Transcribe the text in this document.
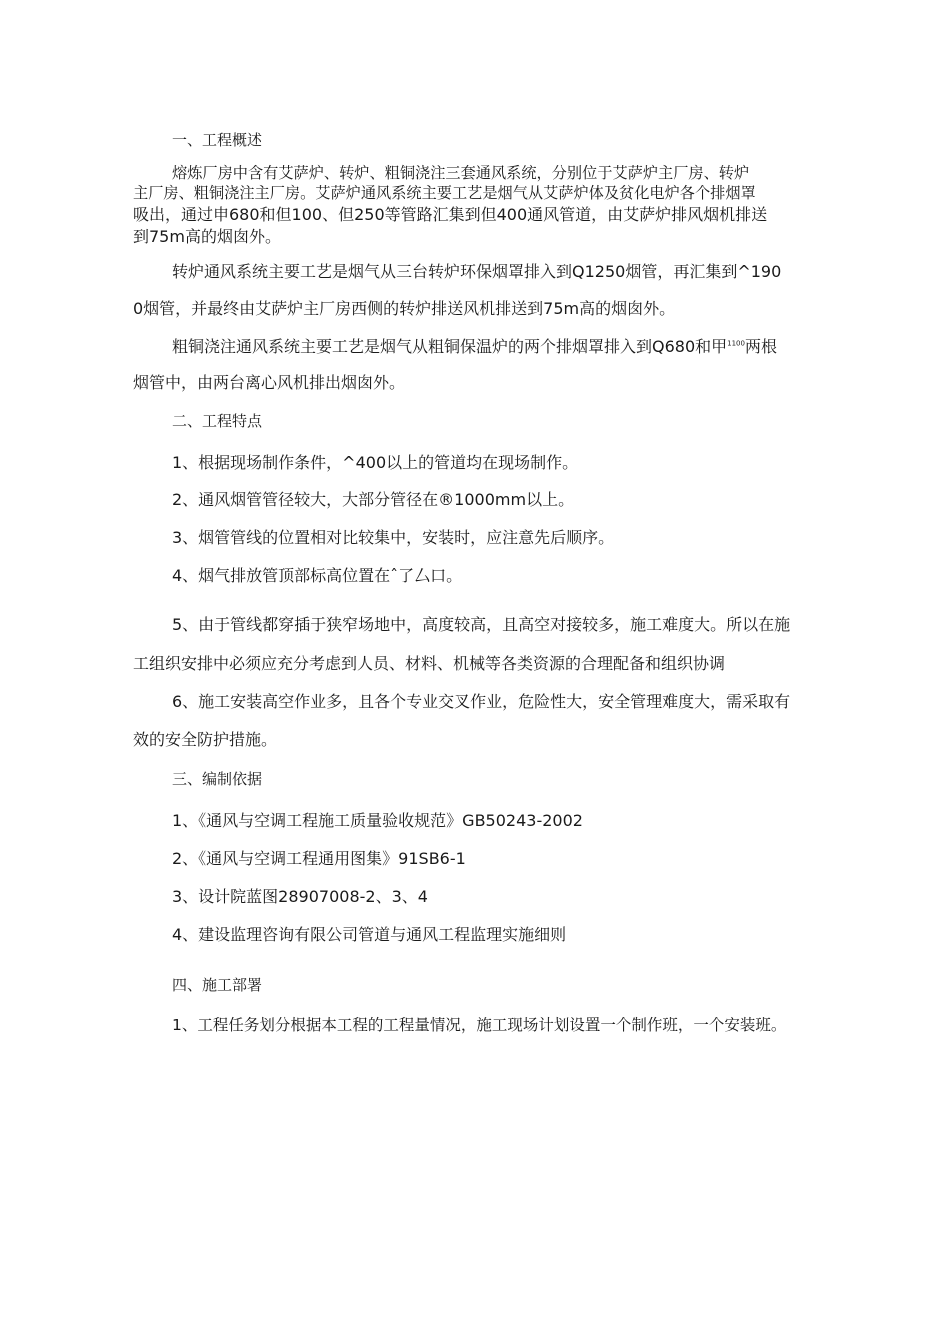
一、工程概述
熔炼厂房中含有艾萨炉、转炉、粗铜浇注三套通风系统，分别位于艾萨炉主厂房、转炉
主厂房、粗铜浇注主厂房。艾萨炉通风系统主要工艺是烟气从艾萨炉体及贫化电炉各个排烟罩
吸出，通过申680和但100、但250等管路汇集到但400通风管道，由艾萨炉排风烟机排送
到75m高的烟囱外。
转炉通风系统主要工艺是烟气从三台转炉环保烟罩排入到Q1250烟管，再汇集到^190
0烟管，并最终由艾萨炉主厂房西侧的转炉排送风机排送到75m高的烟囱外。
粗铜浇注通风系统主要工艺是烟气从粗铜保温炉的两个排烟罩排入到Q680和甲$^{1100}$两根
烟管中，由两台离心风机排出烟囱外。
二、工程特点
1、根据现场制作条件，^400以上的管道均在现场制作。
2、通风烟管管径较大，大部分管径在®1000mm以上。
3、烟管管线的位置相对比较集中，安装时，应注意先后顺序。
4、烟气排放管顶部标高位置在ˆ了厶口。
5、由于管线都穿插于狭窄场地中，高度较高，且高空对接较多，施工难度大。所以在施
工组织安排中必须应充分考虑到人员、材料、机械等各类资源的合理配备和组织协调
6、施工安装高空作业多，且各个专业交叉作业，危险性大，安全管理难度大，需采取有
效的安全防护措施。
三、编制依据
1、《通风与空调工程施工质量验收规范》GB50243-2002
2、《通风与空调工程通用图集》91SB6-1
3、设计院蓝图28907008-2、3、4
4、建设监理咨询有限公司管道与通风工程监理实施细则
四、施工部署
1、工程任务划分根据本工程的工程量情况，施工现场计划设置一个制作班，一个安装班。
